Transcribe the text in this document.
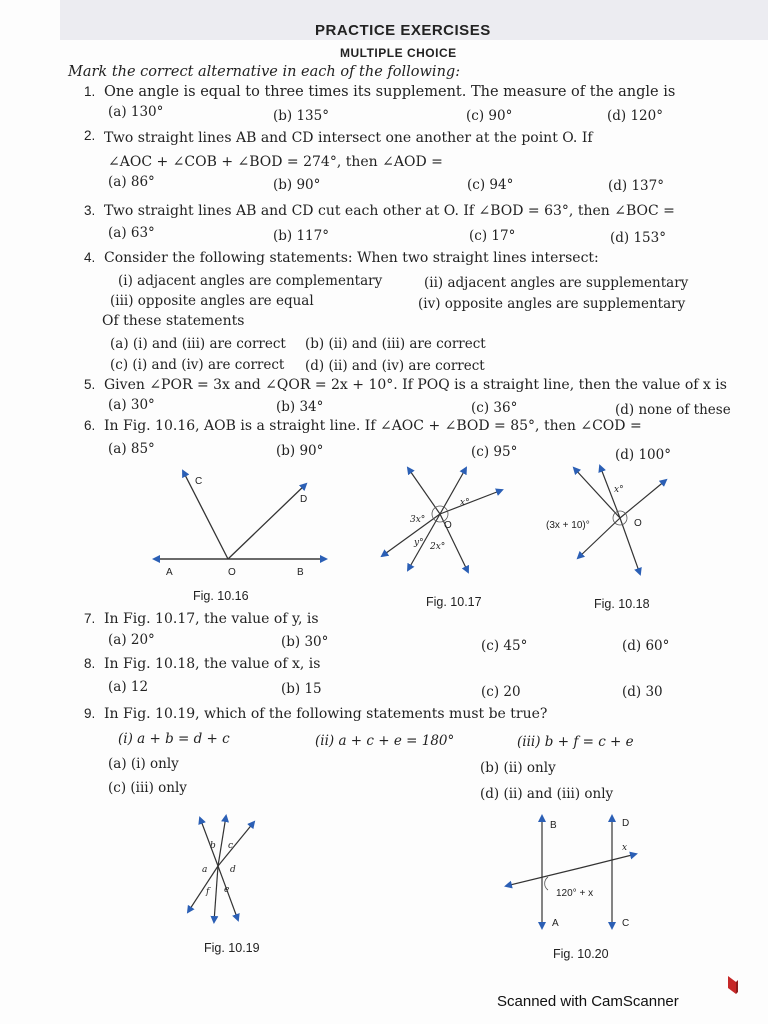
PRACTICE EXERCISES
MULTIPLE CHOICE
Mark the correct alternative in each of the following:
1. One angle is equal to three times its supplement. The measure of the angle is
(a) 130°	(b) 135°	(c) 90°	(d) 120°
2. Two straight lines AB and CD intersect one another at the point O. If
∠AOC + ∠COB + ∠BOD = 274°, then ∠AOD =
(a) 86°	(b) 90°	(c) 94°	(d) 137°
3. Two straight lines AB and CD cut each other at O. If ∠BOD = 63°, then ∠BOC =
(a) 63°	(b) 117°	(c) 17°	(d) 153°
4. Consider the following statements: When two straight lines intersect:
(i) adjacent angles are complementary	(ii) adjacent angles are supplementary
(iii) opposite angles are equal	(iv) opposite angles are supplementary
Of these statements
(a) (i) and (iii) are correct (b) (ii) and (iii) are correct
(c) (i) and (iv) are correct (d) (ii) and (iv) are correct
5. Given ∠POR = 3x and ∠QOR = 2x + 10°. If POQ is a straight line, then the value of x is
(a) 30°	(b) 34°	(c) 36°	(d) none of these
6. In Fig. 10.16, AOB is a straight line. If ∠AOC + ∠BOD = 85°, then ∠COD =
(a) 85°	(b) 90°	(c) 95°	(d) 100°
A	O	B
C
D
Fig. 10.16
O
x°
3x°
y° 2x°
Fig. 10.17
x°
O
(3x + 10)°
Fig. 10.18
7. In Fig. 10.17, the value of y, is
(a) 20°	(b) 30°	(c) 45°	(d) 60°
8. In Fig. 10.18, the value of x, is
(a) 12	(b) 15	(c) 20	(d) 30
9. In Fig. 10.19, which of the following statements must be true?
(i) a + b = d + c	(ii) a + c + e = 180°	(iii) b + f = c + e
(a) (i) only	(b) (ii) only
(c) (iii) only	(d) (ii) and (iii) only
b c
a	d
f e
Fig. 10.19
B	D
x
120° + x
A	C
Fig. 10.20
Scanned with CamScanner
